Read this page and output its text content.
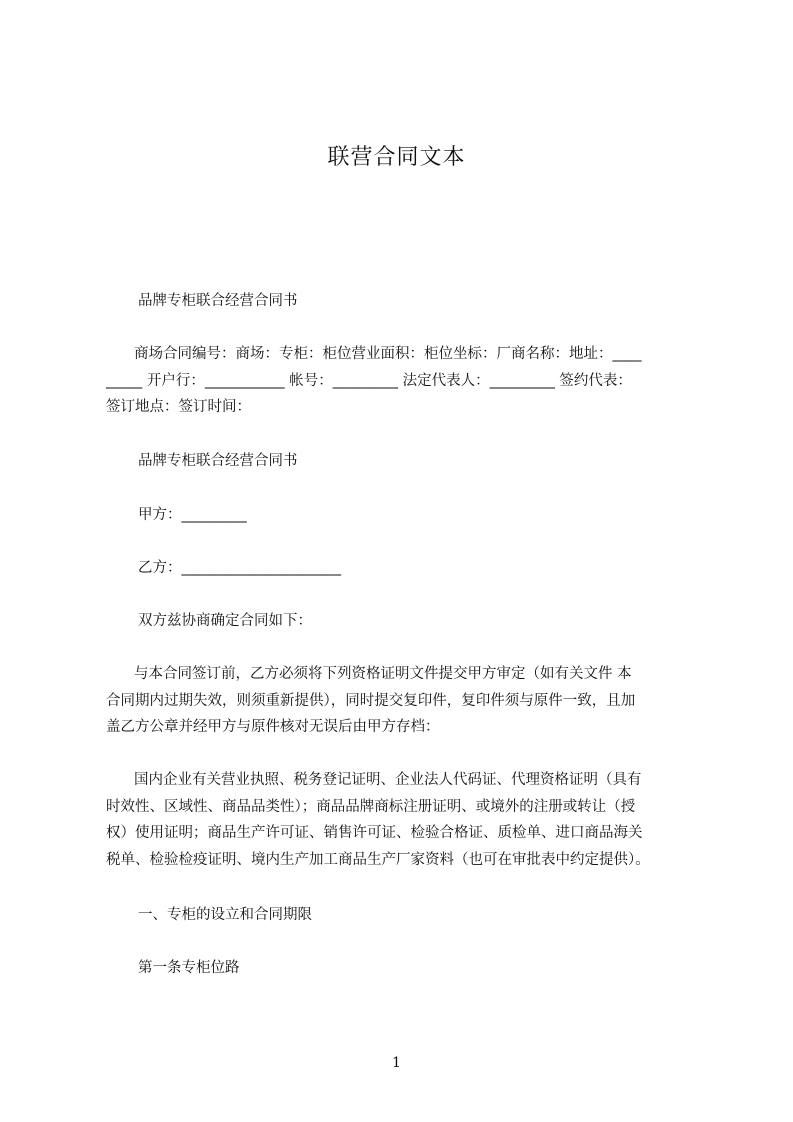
联营合同文本
品牌专柜联合经营合同书
商场合同编号：商场：专柜：柜位营业面积：柜位坐标：厂商名称：地址：____
_____ 开户行：___________ 帐号：_________ 法定代表人：_________ 签约代表：
签订地点：签订时间：
品牌专柜联合经营合同书
甲方：_________
乙方：______________________
双方兹协商确定合同如下：
与本合同签订前，乙方必须将下列资格证明文件提交甲方审定（如有关文件 本
合同期内过期失效，则须重新提供），同时提交复印件，复印件须与原件一致，且加
盖乙方公章并经甲方与原件核对无误后由甲方存档：
国内企业有关营业执照、税务登记证明、企业法人代码证、代理资格证明（具有
时效性、区域性、商品品类性）；商品品牌商标注册证明、或境外的注册或转让（授
权）使用证明；商品生产许可证、销售许可证、检验合格证、质检单、进口商品海关
税单、检验检疫证明、境内生产加工商品生产厂家资料（也可在审批表中约定提供）。
一、专柜的设立和合同期限
第一条专柜位路
1
